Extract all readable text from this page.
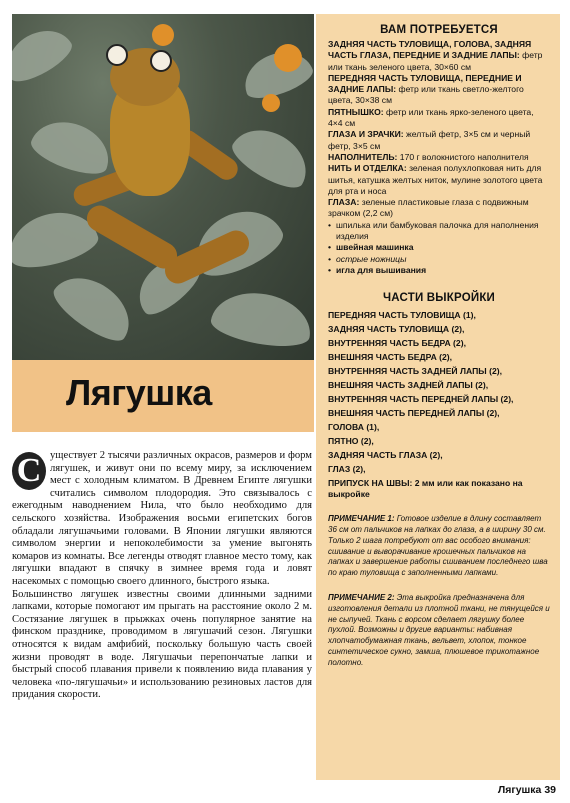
Лягушка
С уществует 2 тысячи различных окрасов, размеров и форм лягушек, и живут они по всему миру, за исключением мест с холодным климатом. В Древнем Египте лягушки считались символом плодородия. Это связывалось с ежегодным наводнением Нила, что было необходимо для сельского хозяйства. Изображения восьми египетских богов обладали лягушачьими головами. В Японии лягушки являются символом энергии и непоколебимости за умение выгонять комаров из комнаты. Все легенды отводят главное место тому, как лягушки впадают в спячку в зимнее время года и ловят насекомых с помощью своего длинного, быстрого языка.

Большинство лягушек известны своими длинными задними лапками, которые помогают им прыгать на расстояние около 2 м. Состязание лягушек в прыжках очень популярное занятие на финском празднике, проводимом в лягушачий сезон. Лягушки относятся к видам амфибий, поскольку большую часть своей жизни проводят в воде. Лягушачьи перепончатые лапки и быстрый способ плавания привели к появлению вида плавания у человека «по-лягушачьи» и использованию резиновых ластов для придания скорости.

ВАМ ПОТРЕБУЕТСЯ

ЗАДНЯЯ ЧАСТЬ ТУЛОВИЩА, ГОЛОВА, ЗАДНЯЯ ЧАСТЬ ГЛАЗА, ПЕРЕДНИЕ И ЗАДНИЕ ЛАПЫ: фетр или ткань зеленого цвета, 30×60 см

ПЕРЕДНЯЯ ЧАСТЬ ТУЛОВИЩА, ПЕРЕДНИЕ И ЗАДНИЕ ЛАПЫ: фетр или ткань светло-желтого цвета, 30×38 см

ПЯТНЫШКО: фетр или ткань ярко-зеленого цвета, 4×4 см

ГЛАЗА И ЗРАЧКИ: желтый фетр, 3×5 см и черный фетр, 3×5 см

НАПОЛНИТЕЛЬ: 170 г волокнистого наполнителя

НИТЬ И ОТДЕЛКА: зеленая полухлопковая нить для шитья, катушка желтых ниток, мулине золотого цвета для рта и носа

ГЛАЗА: зеленые пластиковые глаза с подвижным зрачком (2,2 см)

• шпилька или бамбуковая палочка для наполнения изделия

• швейная машинка

• острые ножницы

• игла для вышивания

ЧАСТИ ВЫКРОЙКИ
ПЕРЕДНЯЯ ЧАСТЬ ТУЛОВИЩА (1),
ЗАДНЯЯ ЧАСТЬ ТУЛОВИЩА (2),
ВНУТРЕННЯЯ ЧАСТЬ БЕДРА (2),
ВНЕШНЯЯ ЧАСТЬ БЕДРА (2),
ВНУТРЕННЯЯ ЧАСТЬ ЗАДНЕЙ ЛАПЫ (2),
ВНЕШНЯЯ ЧАСТЬ ЗАДНЕЙ ЛАПЫ (2),
ВНУТРЕННЯЯ ЧАСТЬ ПЕРЕДНЕЙ ЛАПЫ (2),
ВНЕШНЯЯ ЧАСТЬ ПЕРЕДНЕЙ ЛАПЫ (2),
ГОЛОВА (1),
ПЯТНО (2),
ЗАДНЯЯ ЧАСТЬ ГЛАЗА (2),
ГЛАЗ (2),
ПРИПУСК НА ШВЫ: 2 мм или как показано на выкройке
ПРИМЕЧАНИЕ 1: Готовое изделие в длину составляет 36 см от пальчиков на лапках до глаза, а в ширину 30 см. Только 2 шага потребуют от вас особого внимания: сшивание и выворачивание крошечных пальчиков на лапках и завершение работы сшиванием последнего шва по краю туловища с заполненными лапками.
ПРИМЕЧАНИЕ 2: Эта выкройка предназначена для изготовления детали из плотной ткани, не тянущейся и не сыпучей. Ткань с ворсом сделает лягушку более пухлой. Возможны и другие варианты: набивная хлопчатобумажная ткань, вельвет, хлопок, тонкое синтетическое сукно, замша, плюшевое трикотажное полотно.
Лягушка 39
